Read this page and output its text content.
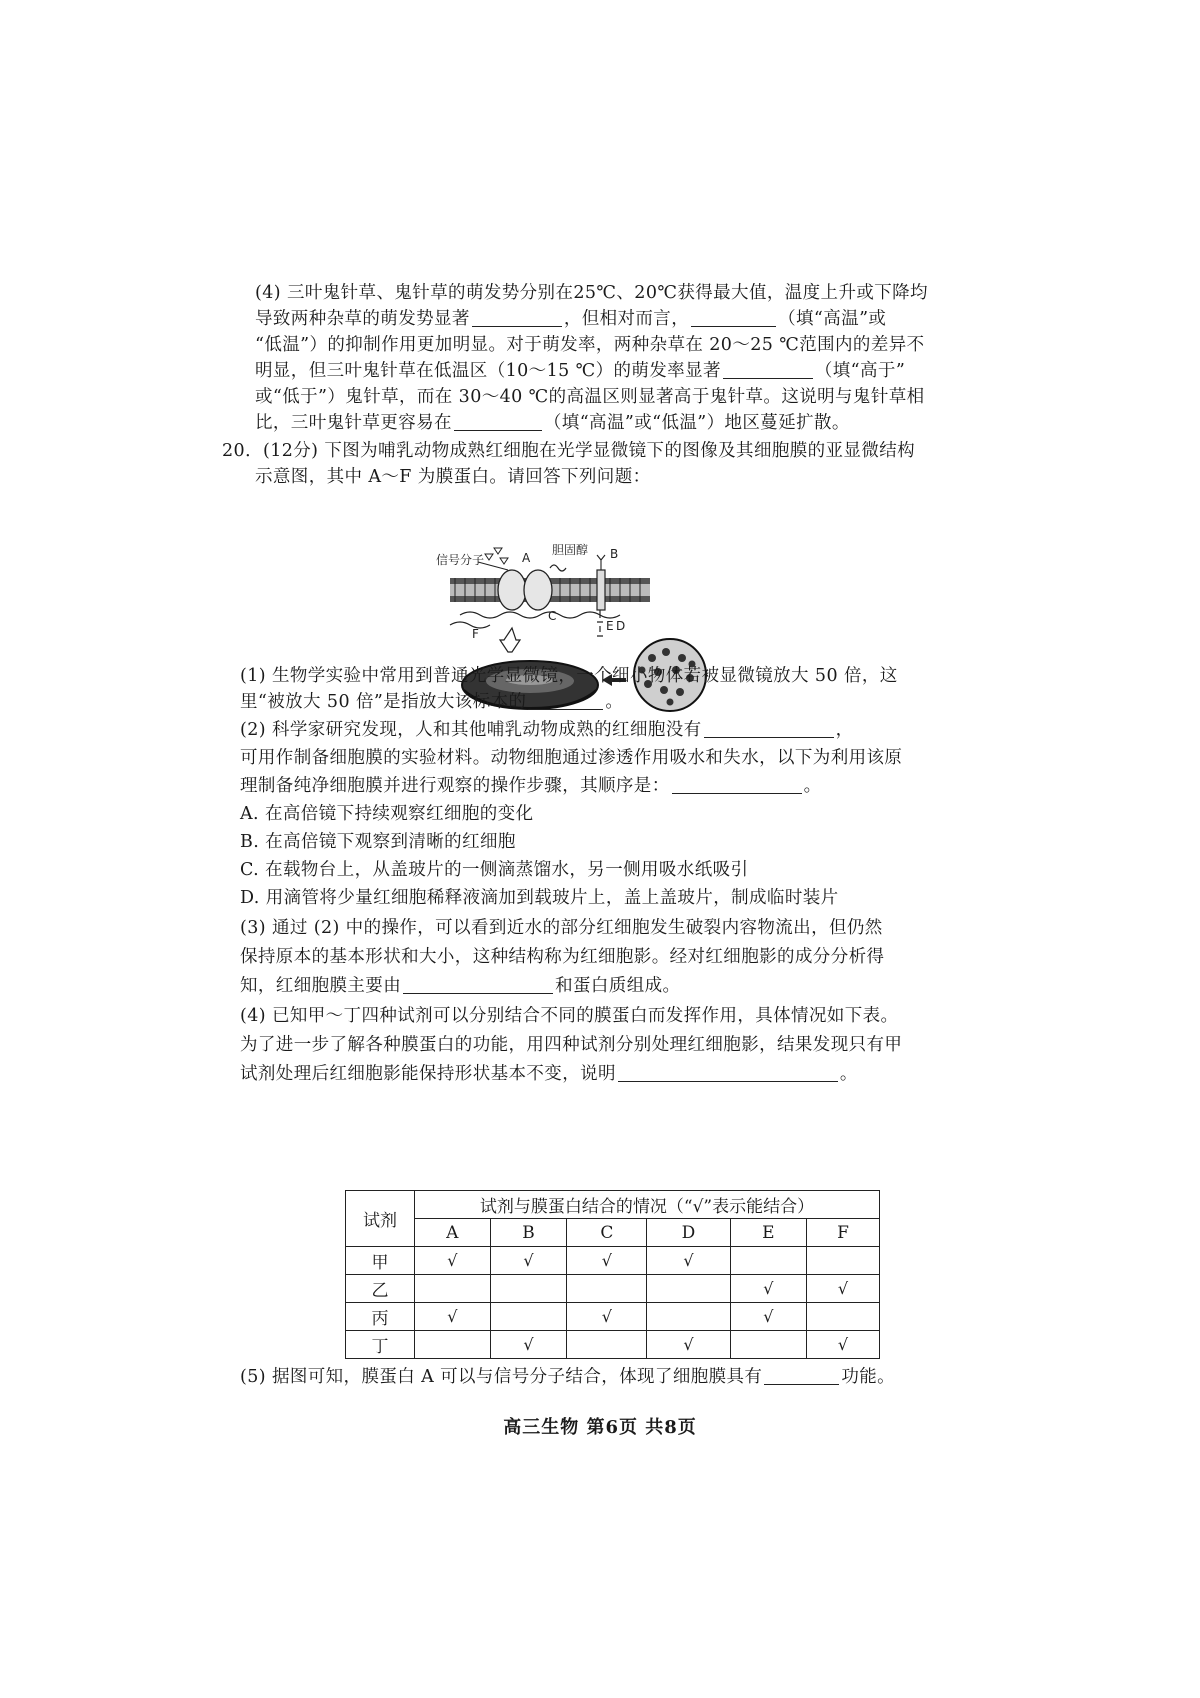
(4) 三叶鬼针草、鬼针草的萌发势分别在25℃、20℃获得最大值，温度上升或下降均
导致两种杂草的萌发势显著	，但相对而言，	（填“高温”或
“低温”）的抑制作用更加明显。对于萌发率，两种杂草在 20～25 ℃范围内的差异不
明显，但三叶鬼针草在低温区（10～15 ℃）的萌发率显著	（填“高于”
或“低于”）鬼针草，而在 30～40 ℃的高温区则显著高于鬼针草。这说明与鬼针草相
比，三叶鬼针草更容易在	（填“高温”或“低温”）地区蔓延扩散。
20．(12分) 下图为哺乳动物成熟红细胞在光学显微镜下的图像及其细胞膜的亚显微结构
示意图，其中 A～F 为膜蛋白。请回答下列问题：
信号分子	A
胆固醇 B
C
D
E
F
(1) 生物学实验中常用到普通光学显微镜，一个细小物体若被显微镜放大 50 倍，这
里“被放大 50 倍”是指放大该标本的	。
(2) 科学家研究发现，人和其他哺乳动物成熟的红细胞没有	，
可用作制备细胞膜的实验材料。动物细胞通过渗透作用吸水和失水，以下为利用该原
理制备纯净细胞膜并进行观察的操作步骤，其顺序是：	。
A. 在高倍镜下持续观察红细胞的变化
B. 在高倍镜下观察到清晰的红细胞
C. 在载物台上，从盖玻片的一侧滴蒸馏水，另一侧用吸水纸吸引
D. 用滴管将少量红细胞稀释液滴加到载玻片上，盖上盖玻片，制成临时装片
(3) 通过 (2) 中的操作，可以看到近水的部分红细胞发生破裂内容物流出，但仍然
保持原本的基本形状和大小，这种结构称为红细胞影。经对红细胞影的成分分析得
知，红细胞膜主要由	和蛋白质组成。
(4) 已知甲～丁四种试剂可以分别结合不同的膜蛋白而发挥作用，具体情况如下表。
为了进一步了解各种膜蛋白的功能，用四种试剂分别处理红细胞影，结果发现只有甲
试剂处理后红细胞影能保持形状基本不变，说明	。
试剂	试剂与膜蛋白结合的情况（“√”表示能结合）					
	A	B	C	D	E	F
甲	√	√	√	√		
乙					√	√
丙	√		√		√	
丁		√		√		√
(5) 据图可知，膜蛋白 A 可以与信号分子结合，体现了细胞膜具有	功能。
高三生物 第6页 共8页
